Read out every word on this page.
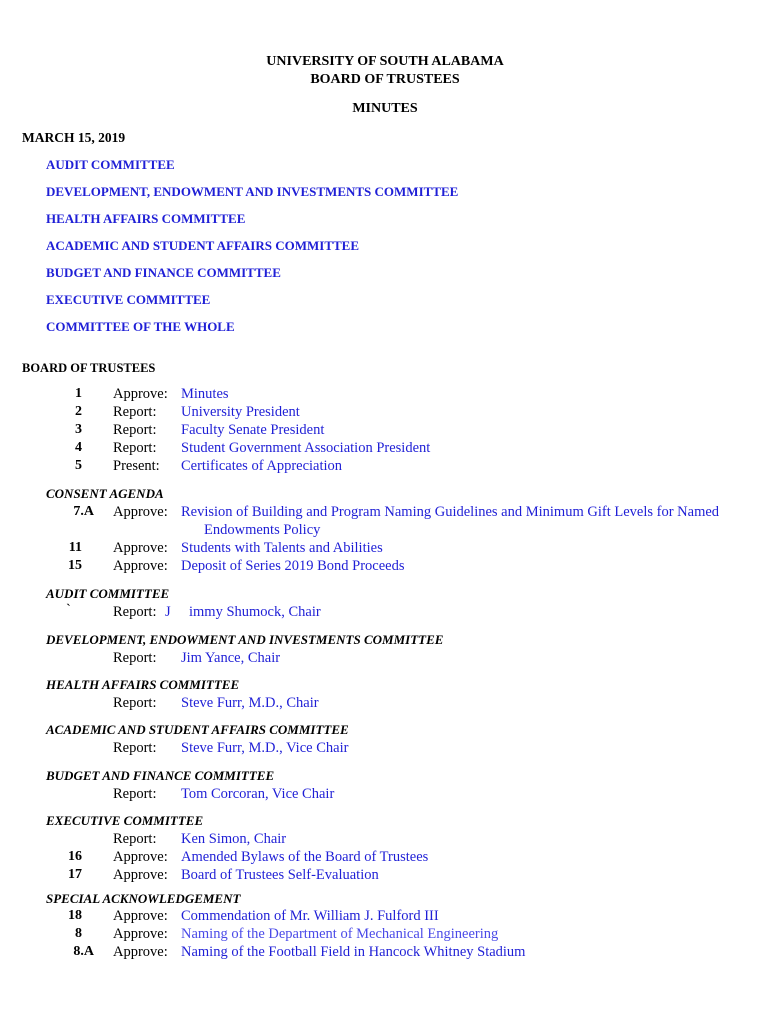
UNIVERSITY OF SOUTH ALABAMA
BOARD OF TRUSTEES
MINUTES
MARCH 15, 2019
AUDIT COMMITTEE
DEVELOPMENT, ENDOWMENT AND INVESTMENTS COMMITTEE
HEALTH AFFAIRS COMMITTEE
ACADEMIC AND STUDENT AFFAIRS COMMITTEE
BUDGET AND FINANCE COMMITTEE
EXECUTIVE COMMITTEE
COMMITTEE OF THE WHOLE
BOARD OF TRUSTEES
1 Approve: Minutes
2 Report: University President
3 Report: Faculty Senate President
4 Report: Student Government Association President
5 Present: Certificates of Appreciation
CONSENT AGENDA
7.A Approve: Revision of Building and Program Naming Guidelines and Minimum Gift Levels for Named
Endowments Policy
11 Approve: Students with Talents and Abilities
15 Approve: Deposit of Series 2019 Bond Proceeds
AUDIT COMMITTEE
`	Report: J immy Shumock, Chair
DEVELOPMENT, ENDOWMENT AND INVESTMENTS COMMITTEE
Report: Jim Yance, Chair
HEALTH AFFAIRS COMMITTEE
Report: Steve Furr, M.D., Chair
ACADEMIC AND STUDENT AFFAIRS COMMITTEE
Report: Steve Furr, M.D., Vice Chair
BUDGET AND FINANCE COMMITTEE
Report: Tom Corcoran, Vice Chair
EXECUTIVE COMMITTEE
Report: Ken Simon, Chair
16 Approve: Amended Bylaws of the Board of Trustees
17 Approve: Board of Trustees Self-Evaluation
SPECIAL ACKNOWLEDGEMENT
18 Approve: Commendation of Mr. William J. Fulford III
8 Approve: Naming of the Department of Mechanical Engineering
8.A Approve: Naming of the Football Field in Hancock Whitney Stadium
